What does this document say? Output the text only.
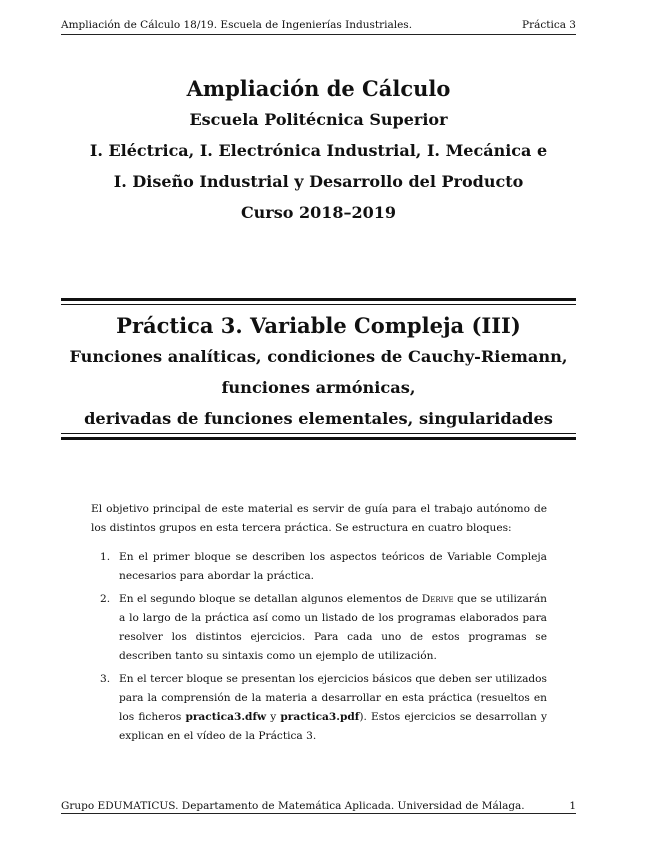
Ampliación de Cálculo 18/19. Escuela de Ingenierías Industriales.	Práctica 3
Ampliación de Cálculo
Escuela Politécnica Superior
I. Eléctrica, I. Electrónica Industrial, I. Mecánica e
I. Diseño Industrial y Desarrollo del Producto
Curso 2018–2019
Práctica 3. Variable Compleja (III)
Funciones analíticas, condiciones de Cauchy-Riemann,
funciones armónicas,
derivadas de funciones elementales, singularidades

El objetivo principal de este material es servir de guía para el trabajo autónomo de los distintos grupos en esta tercera práctica. Se estructura en cuatro bloques:

1. En el primer bloque se describen los aspectos teóricos de Variable Compleja necesarios para abordar la práctica.
2. En el segundo bloque se detallan algunos elementos de Derive que se utilizarán a lo largo de la práctica así como un listado de los programas elaborados para resolver los distintos ejercicios. Para cada uno de estos programas se describen tanto su sintaxis como un ejemplo de utilización.
3. En el tercer bloque se presentan los ejercicios básicos que deben ser utilizados para la comprensión de la materia a desarrollar en esta práctica (resueltos en los ficheros practica3.dfw y practica3.pdf). Estos ejercicios se desarrollan y explican en el vídeo de la Práctica 3.
Grupo EDUMATICUS. Departamento de Matemática Aplicada. Universidad de Málaga.	1
